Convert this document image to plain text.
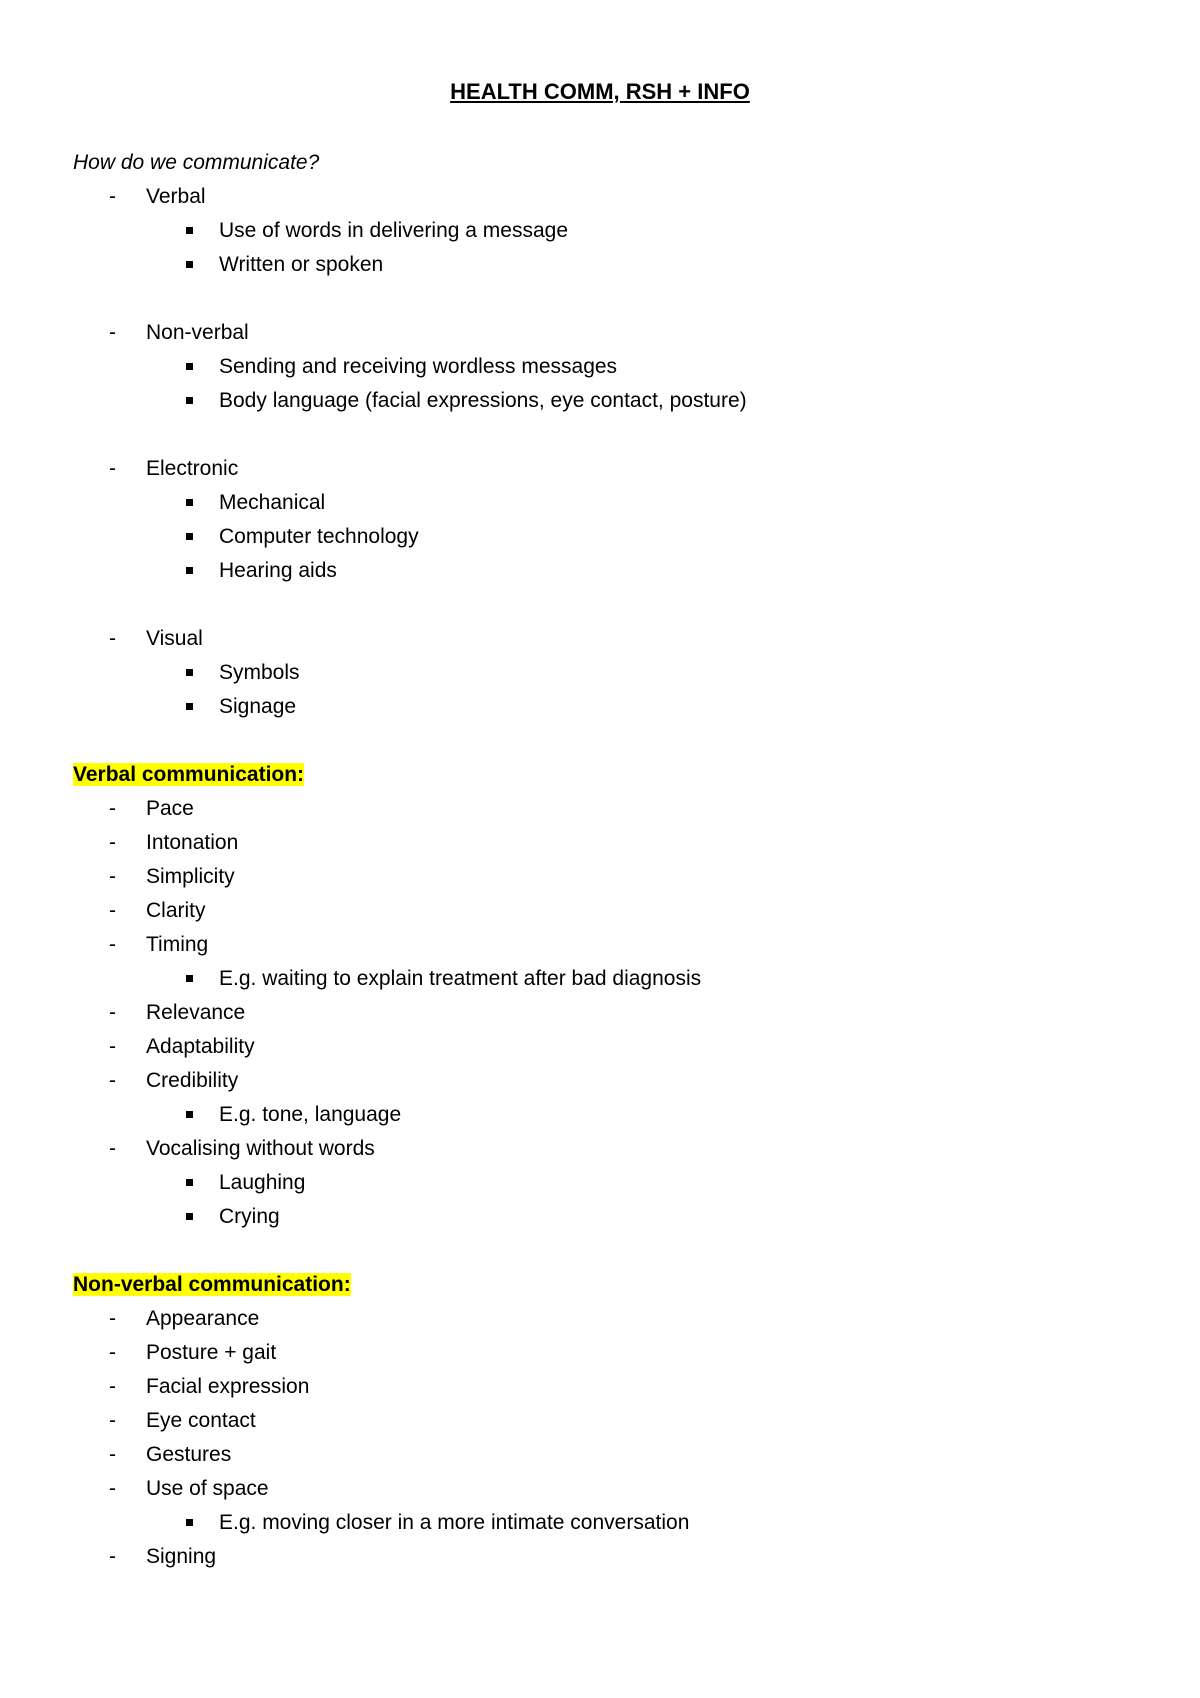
HEALTH COMM, RSH + INFO
How do we communicate?
-	Verbal
Use of words in delivering a message
Written or spoken
-	Non-verbal
Sending and receiving wordless messages
Body language (facial expressions, eye contact, posture)
-	Electronic
Mechanical
Computer technology
Hearing aids
-	Visual
Symbols
Signage
Verbal communication:
-	Pace
-	Intonation
-	Simplicity
-	Clarity
-	Timing
E.g. waiting to explain treatment after bad diagnosis
-	Relevance
-	Adaptability
-	Credibility
E.g. tone, language
-	Vocalising without words
Laughing
Crying
Non-verbal communication:
-	Appearance
-	Posture + gait
-	Facial expression
-	Eye contact
-	Gestures
-	Use of space
E.g. moving closer in a more intimate conversation
-	Signing
